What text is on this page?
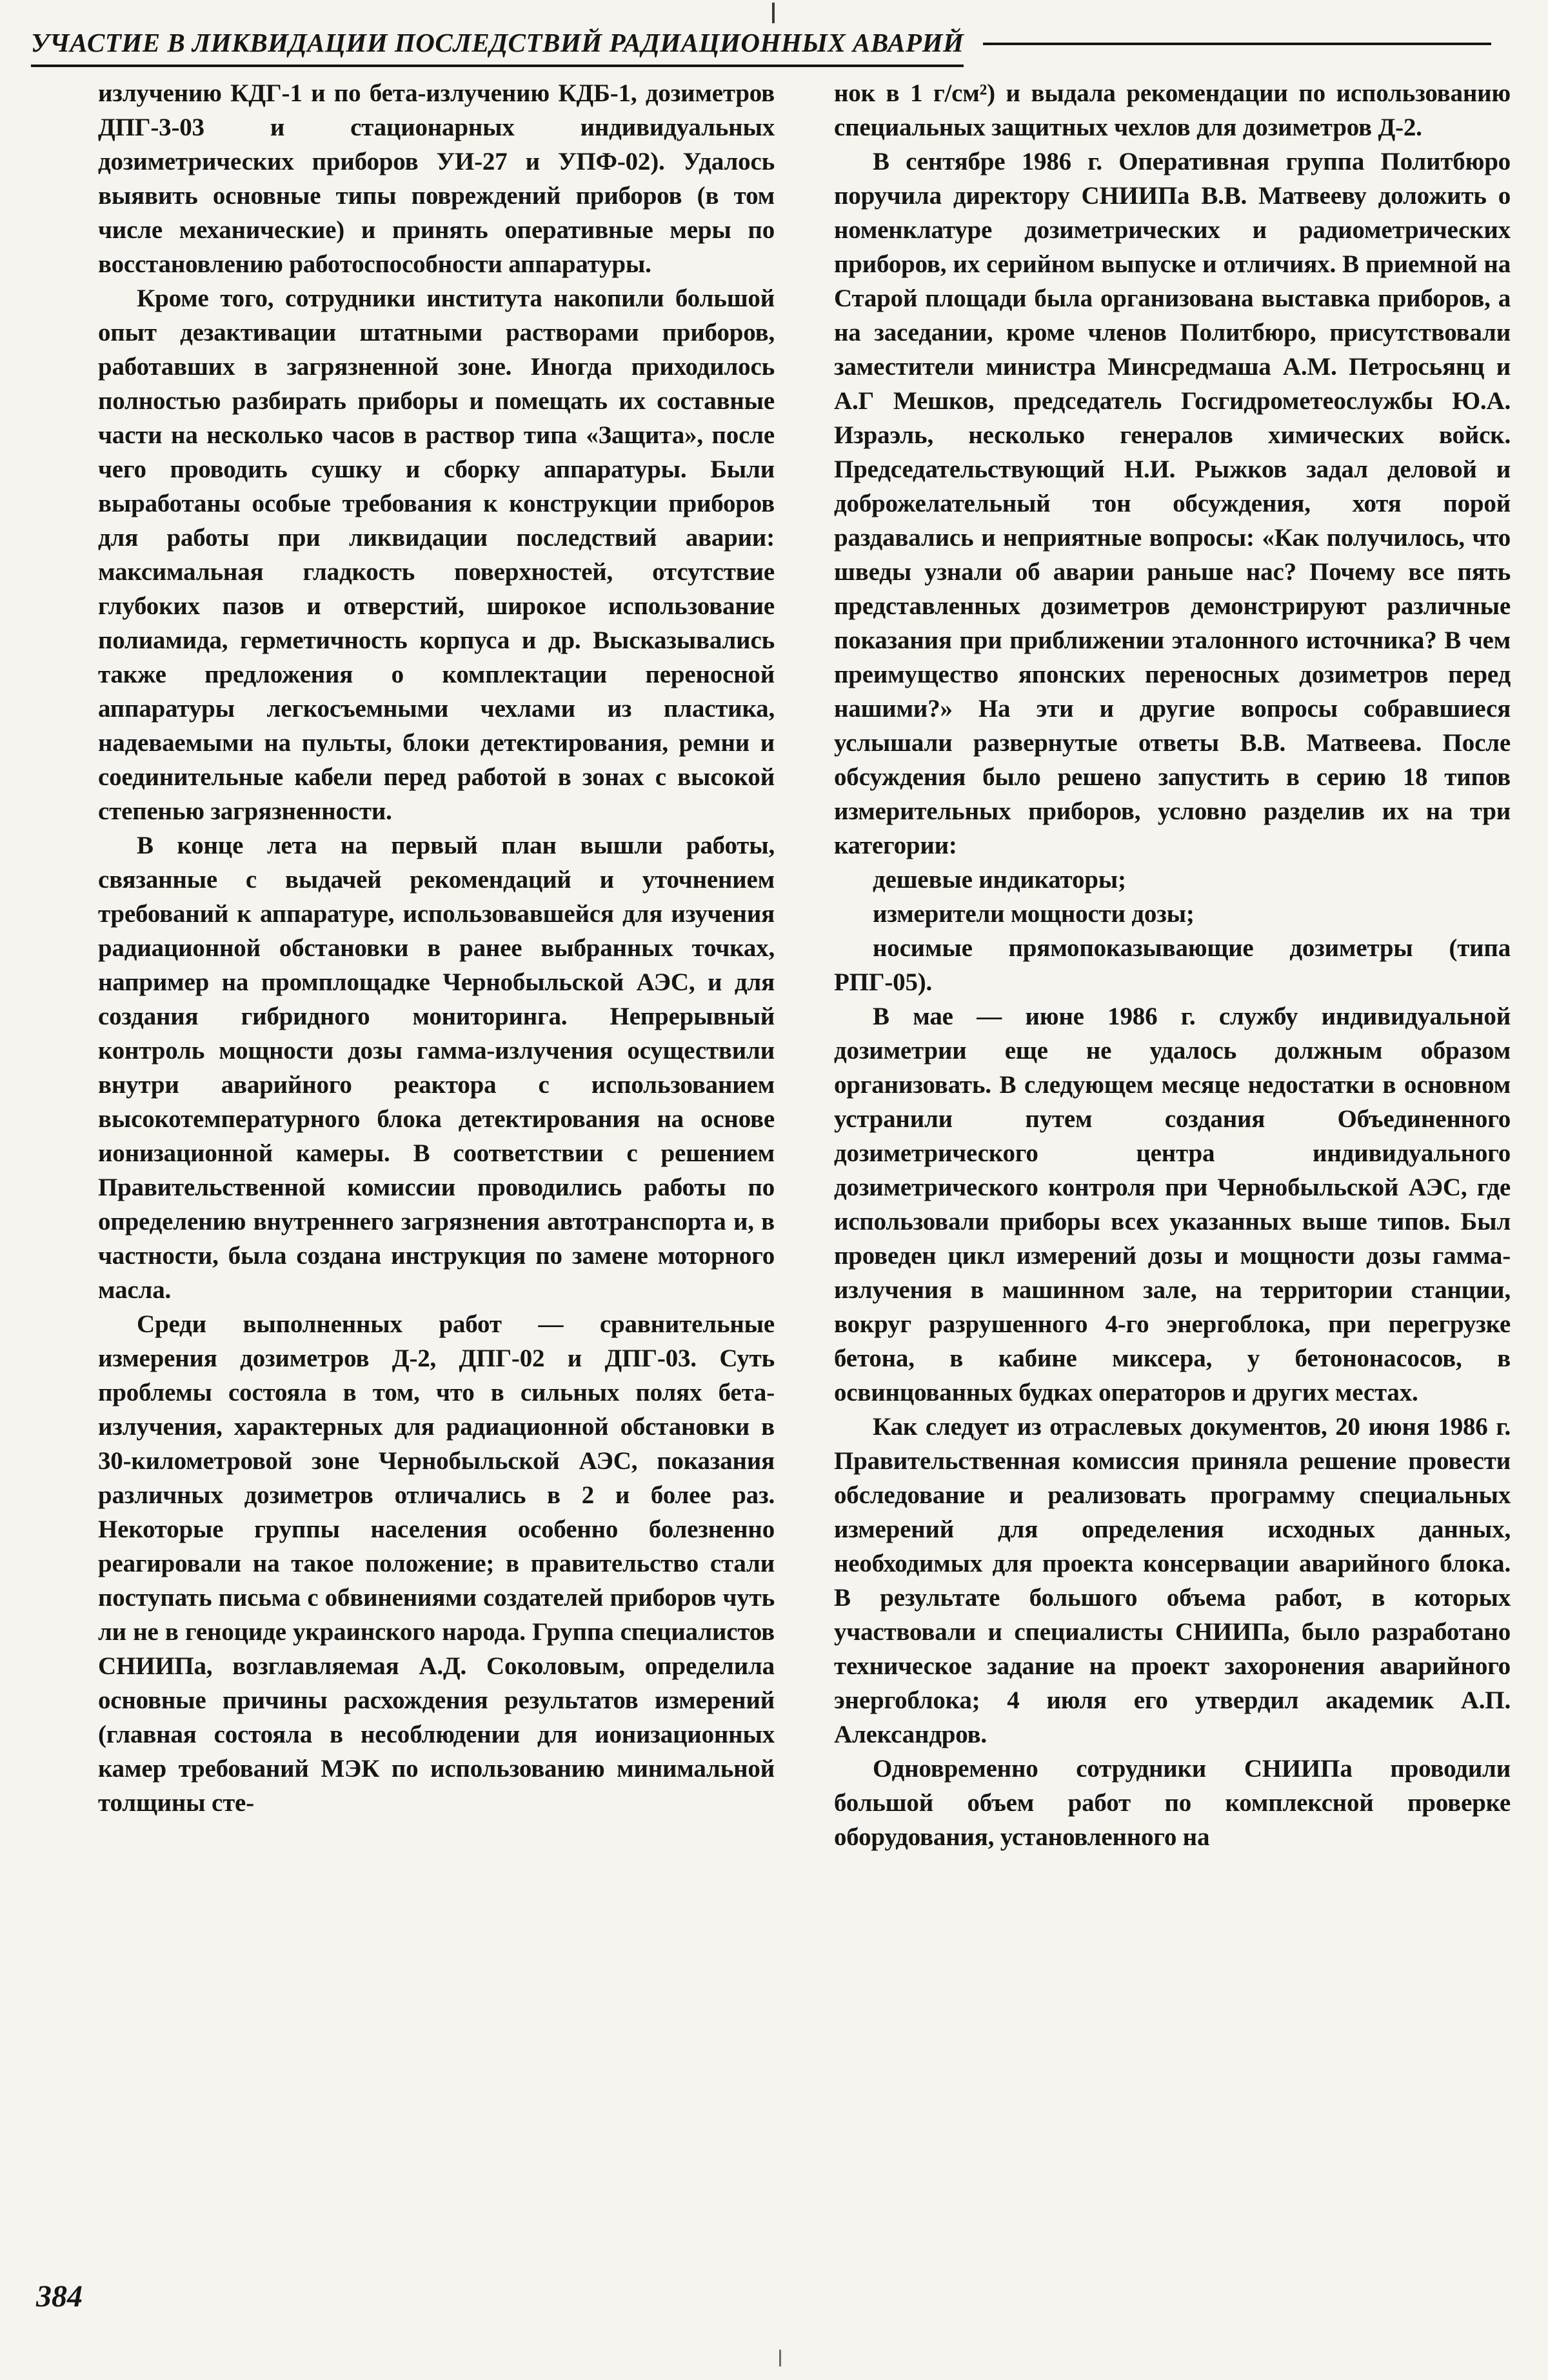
УЧАСТИЕ В ЛИКВИДАЦИИ ПОСЛЕДСТВИЙ РАДИАЦИОННЫХ АВАРИЙ

излучению КДГ-1 и по бета-излучению КДБ-1, дозиметров ДПГ-3-03 и стационарных индивидуальных дозиметрических приборов УИ-27 и УПФ-02). Удалось выявить основные типы повреждений приборов (в том числе механические) и принять оперативные меры по восстановлению работоспособности аппаратуры.

Кроме того, сотрудники института накопили большой опыт дезактивации штатными растворами приборов, работавших в загрязненной зоне. Иногда приходилось полностью разбирать приборы и помещать их составные части на несколько часов в раствор типа «Защита», после чего проводить сушку и сборку аппаратуры. Были выработаны особые требования к конструкции приборов для работы при ликвидации последствий аварии: максимальная гладкость поверхностей, отсутствие глубоких пазов и отверстий, широкое использование полиамида, герметичность корпуса и др. Высказывались также предложения о комплектации переносной аппаратуры легкосъемными чехлами из пластика, надеваемыми на пульты, блоки детектирования, ремни и соединительные кабели перед работой в зонах с высокой степенью загрязненности.

В конце лета на первый план вышли работы, связанные с выдачей рекомендаций и уточнением требований к аппаратуре, использовавшейся для изучения радиационной обстановки в ранее выбранных точках, например на промплощадке Чернобыльской АЭС, и для создания гибридного мониторинга. Непрерывный контроль мощности дозы гамма-излучения осуществили внутри аварийного реактора с использованием высокотемпературного блока детектирования на основе ионизационной камеры. В соответствии с решением Правительственной комиссии проводились работы по определению внутреннего загрязнения автотранспорта и, в частности, была создана инструкция по замене моторного масла.

Среди выполненных работ — сравнительные измерения дозиметров Д-2, ДПГ-02 и ДПГ-03. Суть проблемы состояла в том, что в сильных полях бета-излучения, характерных для радиационной обстановки в 30-километровой зоне Чернобыльской АЭС, показания различных дозиметров отличались в 2 и более раз. Некоторые группы населения особенно болезненно реагировали на такое положение; в правительство стали поступать письма с обвинениями создателей приборов чуть ли не в геноциде украинского народа. Группа специалистов СНИИПа, возглавляемая А.Д. Соколовым, определила основные причины расхождения результатов измерений (главная состояла в несоблюдении для ионизационных камер требований МЭК по использованию минимальной толщины сте-

нок в 1 г/см²) и выдала рекомендации по использованию специальных защитных чехлов для дозиметров Д-2.

В сентябре 1986 г. Оперативная группа Политбюро поручила директору СНИИПа В.В. Матвееву доложить о номенклатуре дозиметрических и радиометрических приборов, их серийном выпуске и отличиях. В приемной на Старой площади была организована выставка приборов, а на заседании, кроме членов Политбюро, присутствовали заместители министра Минсредмаша А.М. Петросьянц и А.Г Мешков, председатель Госгидрометеослужбы Ю.А. Израэль, несколько генералов химических войск. Председательствующий Н.И. Рыжков задал деловой и доброжелательный тон обсуждения, хотя порой раздавались и неприятные вопросы: «Как получилось, что шведы узнали об аварии раньше нас? Почему все пять представленных дозиметров демонстрируют различные показания при приближении эталонного источника? В чем преимущество японских переносных дозиметров перед нашими?» На эти и другие вопросы собравшиеся услышали развернутые ответы В.В. Матвеева. После обсуждения было решено запустить в серию 18 типов измерительных приборов, условно разделив их на три категории:

дешевые индикаторы;

измерители мощности дозы;

носимые прямопоказывающие дозиметры (типа РПГ-05).

В мае — июне 1986 г. службу индивидуальной дозиметрии еще не удалось должным образом организовать. В следующем месяце недостатки в основном устранили путем создания Объединенного дозиметрического центра индивидуального дозиметрического контроля при Чернобыльской АЭС, где использовали приборы всех указанных выше типов. Был проведен цикл измерений дозы и мощности дозы гамма-излучения в машинном зале, на территории станции, вокруг разрушенного 4-го энергоблока, при перегрузке бетона, в кабине миксера, у бетононасосов, в освинцованных будках операторов и других местах.

Как следует из отраслевых документов, 20 июня 1986 г. Правительственная комиссия приняла решение провести обследование и реализовать программу специальных измерений для определения исходных данных, необходимых для проекта консервации аварийного блока. В результате большого объема работ, в которых участвовали и специалисты СНИИПа, было разработано техническое задание на проект захоронения аварийного энергоблока; 4 июля его утвердил академик А.П. Александров.

Одновременно сотрудники СНИИПа проводили большой объем работ по комплексной проверке оборудования, установленного на

384
